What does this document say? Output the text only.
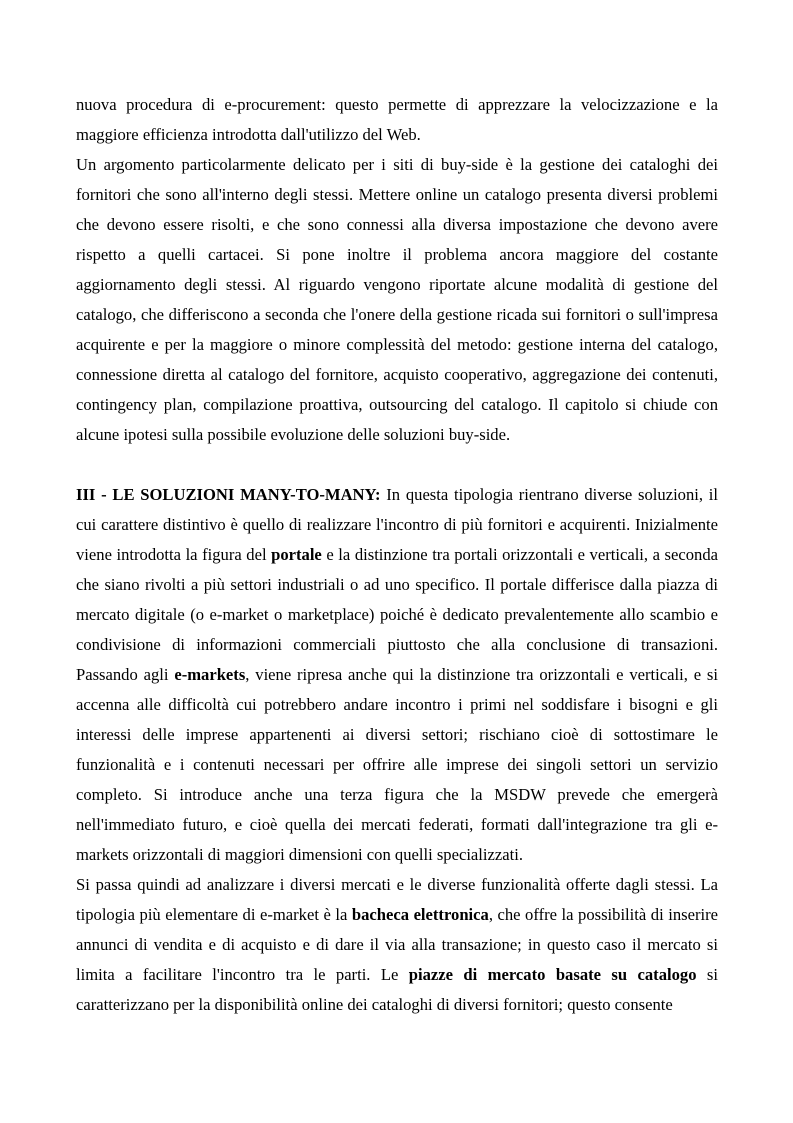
nuova procedura di e-procurement: questo permette di apprezzare la velocizzazione e la maggiore efficienza introdotta dall'utilizzo del Web.

Un argomento particolarmente delicato per i siti di buy-side è la gestione dei cataloghi dei fornitori che sono all'interno degli stessi. Mettere online un catalogo presenta diversi problemi che devono essere risolti, e che sono connessi alla diversa impostazione che devono avere rispetto a quelli cartacei. Si pone inoltre il problema ancora maggiore del costante aggiornamento degli stessi. Al riguardo vengono riportate alcune modalità di gestione del catalogo, che differiscono a seconda che l'onere della gestione ricada sui fornitori o sull'impresa acquirente e per la maggiore o minore complessità del metodo: gestione interna del catalogo, connessione diretta al catalogo del fornitore, acquisto cooperativo, aggregazione dei contenuti, contingency plan, compilazione proattiva, outsourcing del catalogo. Il capitolo si chiude con alcune ipotesi sulla possibile evoluzione delle soluzioni buy-side.

III - LE SOLUZIONI MANY-TO-MANY: In questa tipologia rientrano diverse soluzioni, il cui carattere distintivo è quello di realizzare l'incontro di più fornitori e acquirenti. Inizialmente viene introdotta la figura del portale e la distinzione tra portali orizzontali e verticali, a seconda che siano rivolti a più settori industriali o ad uno specifico. Il portale differisce dalla piazza di mercato digitale (o e-market o marketplace) poiché è dedicato prevalentemente allo scambio e condivisione di informazioni commerciali piuttosto che alla conclusione di transazioni. Passando agli e-markets, viene ripresa anche qui la distinzione tra orizzontali e verticali, e si accenna alle difficoltà cui potrebbero andare incontro i primi nel soddisfare i bisogni e gli interessi delle imprese appartenenti ai diversi settori; rischiano cioè di sottostimare le funzionalità e i contenuti necessari per offrire alle imprese dei singoli settori un servizio completo. Si introduce anche una terza figura che la MSDW prevede che emergerà nell'immediato futuro, e cioè quella dei mercati federati, formati dall'integrazione tra gli e-markets orizzontali di maggiori dimensioni con quelli specializzati.

Si passa quindi ad analizzare i diversi mercati e le diverse funzionalità offerte dagli stessi. La tipologia più elementare di e-market è la bacheca elettronica, che offre la possibilità di inserire annunci di vendita e di acquisto e di dare il via alla transazione; in questo caso il mercato si limita a facilitare l'incontro tra le parti. Le piazze di mercato basate su catalogo si caratterizzano per la disponibilità online dei cataloghi di diversi fornitori; questo consente
